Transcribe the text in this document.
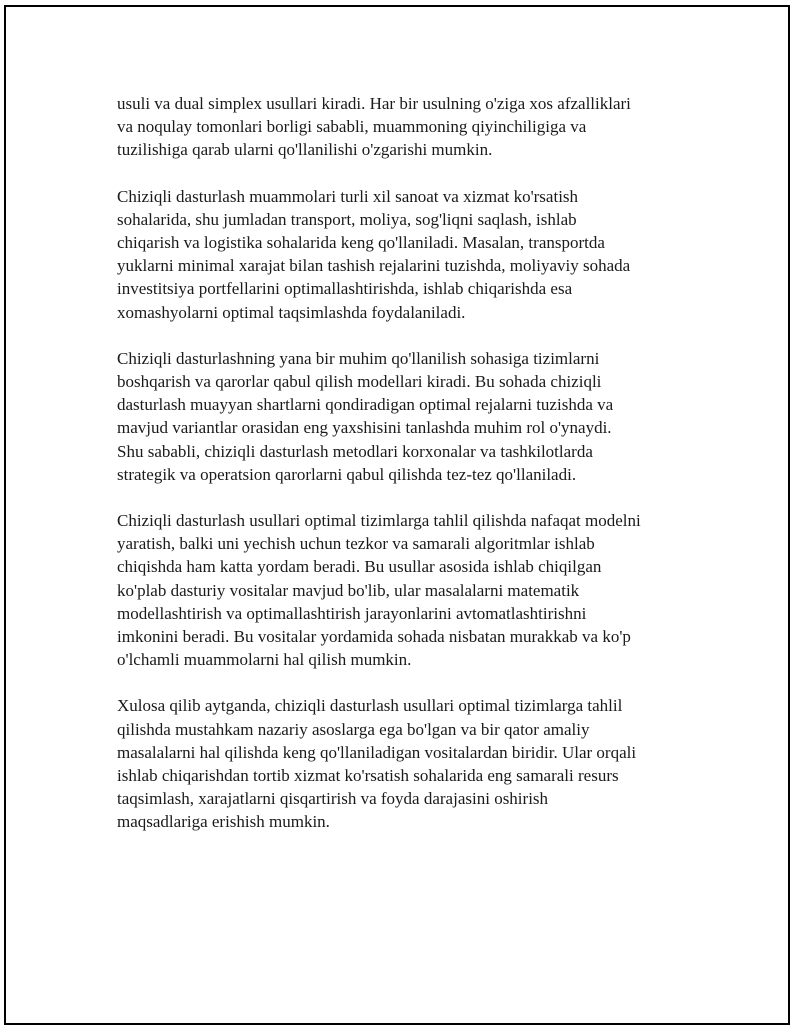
usuli va dual simplex usullari kiradi. Har bir usulning o'ziga xos afzalliklari
va noqulay tomonlari borligi sababli, muammoning qiyinchiligiga va
tuzilishiga qarab ularni qo'llanilishi o'zgarishi mumkin.

Chiziqli dasturlash muammolari turli xil sanoat va xizmat ko'rsatish
sohalarida, shu jumladan transport, moliya, sog'liqni saqlash, ishlab
chiqarish va logistika sohalarida keng qo'llaniladi. Masalan, transportda
yuklarni minimal xarajat bilan tashish rejalarini tuzishda, moliyaviy sohada
investitsiya portfellarini optimallashtirishda, ishlab chiqarishda esa
xomashyolarni optimal taqsimlashda foydalaniladi.

Chiziqli dasturlashning yana bir muhim qo'llanilish sohasiga tizimlarni
boshqarish va qarorlar qabul qilish modellari kiradi. Bu sohada chiziqli
dasturlash muayyan shartlarni qondiradigan optimal rejalarni tuzishda va
mavjud variantlar orasidan eng yaxshisini tanlashda muhim rol o'ynaydi.
Shu sababli, chiziqli dasturlash metodlari korxonalar va tashkilotlarda
strategik va operatsion qarorlarni qabul qilishda tez-tez qo'llaniladi.

Chiziqli dasturlash usullari optimal tizimlarga tahlil qilishda nafaqat modelni
yaratish, balki uni yechish uchun tezkor va samarali algoritmlar ishlab
chiqishda ham katta yordam beradi. Bu usullar asosida ishlab chiqilgan
ko'plab dasturiy vositalar mavjud bo'lib, ular masalalarni matematik
modellashtirish va optimallashtirish jarayonlarini avtomatlashtirishni
imkonini beradi. Bu vositalar yordamida sohada nisbatan murakkab va ko'p
o'lchamli muammolarni hal qilish mumkin.

Xulosa qilib aytganda, chiziqli dasturlash usullari optimal tizimlarga tahlil
qilishda mustahkam nazariy asoslarga ega bo'lgan va bir qator amaliy
masalalarni hal qilishda keng qo'llaniladigan vositalardan biridir. Ular orqali
ishlab chiqarishdan tortib xizmat ko'rsatish sohalarida eng samarali resurs
taqsimlash, xarajatlarni qisqartirish va foyda darajasini oshirish
maqsadlariga erishish mumkin.
